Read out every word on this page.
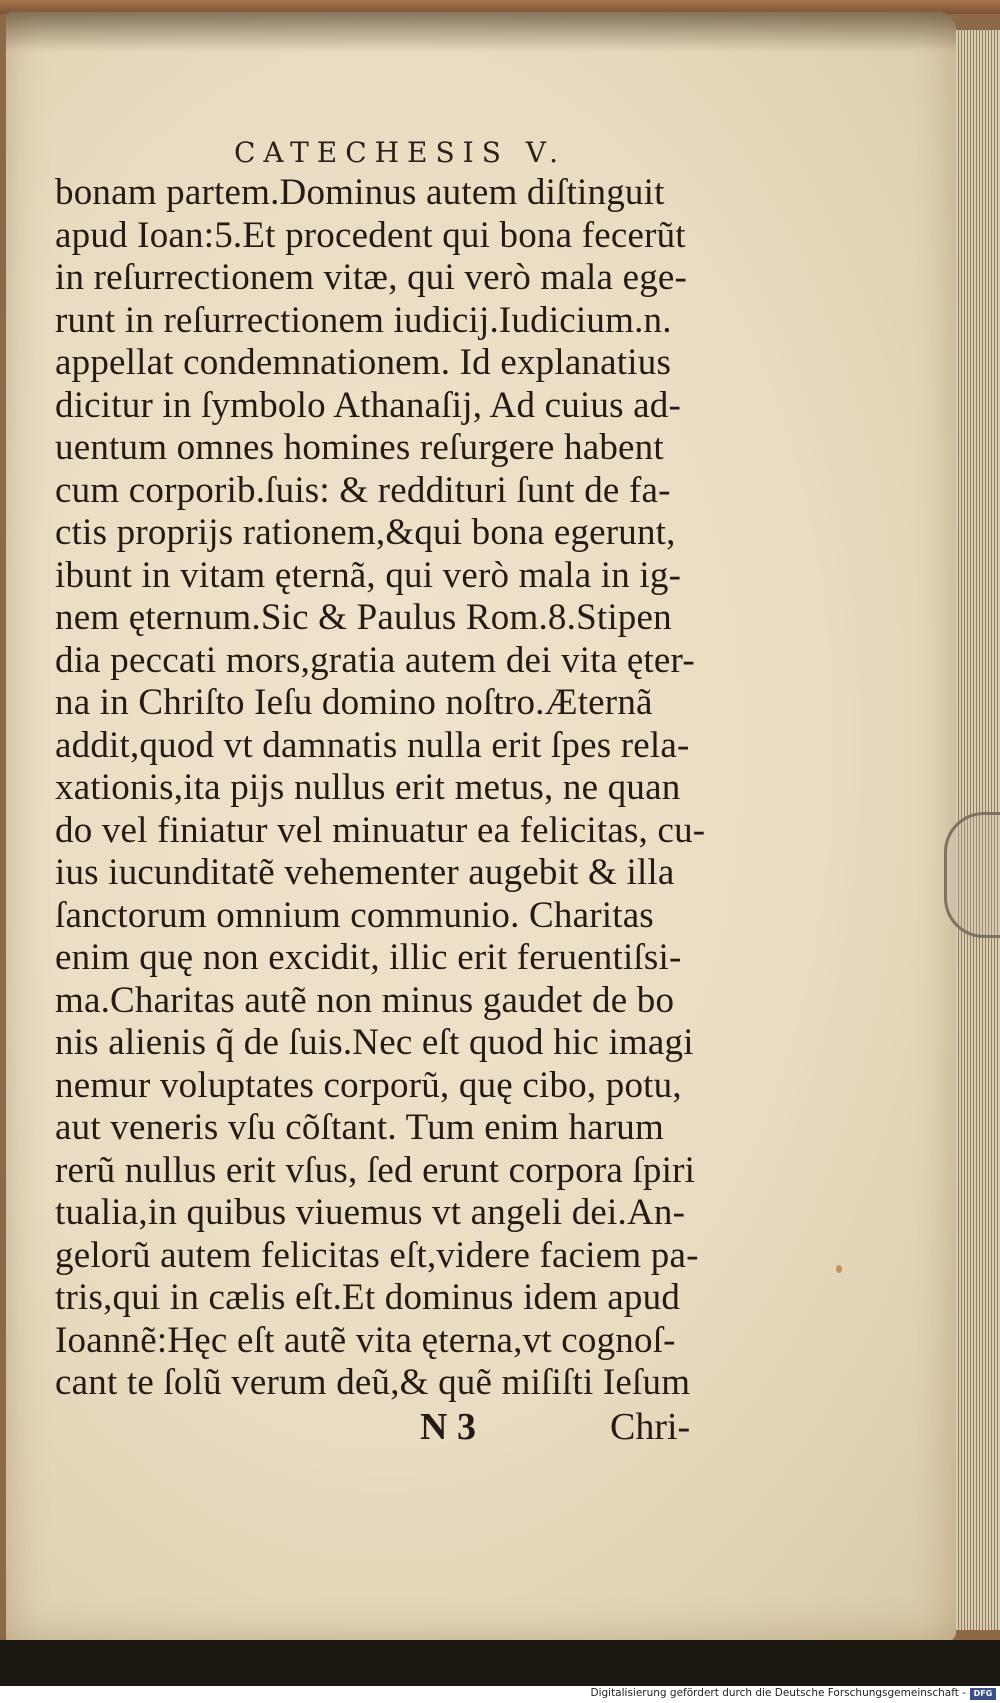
CATECHESIS V.
bonam partem.Dominus autem diſtinguit
apud Ioan:5.Et procedent qui bona fecerũt
in reſurrectionem vitæ, qui verò mala ege-
runt in reſurrectionem iudicij.Iudicium.n.
appellat condemnationem. Id explanatius
dicitur in ſymbolo Athanaſij, Ad cuius ad-
uentum omnes homines reſurgere habent
cum corporib.ſuis: & redditurі ſunt de fa-
ctis proprijs rationem,&qui bona egerunt,
ibunt in vitam ęternã, qui verò mala in ig-
nem ęternum.Sic & Paulus Rom.8.Stipen
dia peccati mors,gratia autem dei vita ęter-
na in Chriſto Ieſu domino noſtro.Æternã
addit,quod vt damnatis nulla erit ſpes rela-
xationis,ita pijs nullus erit metus, ne quan
do vel finiatur vel minuatur ea felicitas, cu-
ius iucunditatẽ vehementer augebit & illa
ſanctorum omnium communio. Charitas
enim quę non excidit, illic erit feruentiſsi-
ma.Charitas autẽ non minus gaudet de bo
nis alienis q̃ de ſuis.Nec eſt quod hic imagi
nemur voluptates corporũ, quę cibo, potu,
aut veneris vſu cõſtant. Tum enim harum
rerũ nullus erit vſus, ſed erunt corpora ſpiri
tualia,in quibus viuemus vt angeli dei.An-
gelorũ autem felicitas eſt,videre faciem pa-
tris,qui in cælis eſt.Et dominus idem apud
Ioannẽ:Hęc eſt autẽ vita ęterna,vt cognoſ-
cant te ſolũ verum deũ,& quẽ miſiſti Ieſum
N 3	Chri-
Digitalisierung gefördert durch die Deutsche Forschungsgemeinschaft - DFG
